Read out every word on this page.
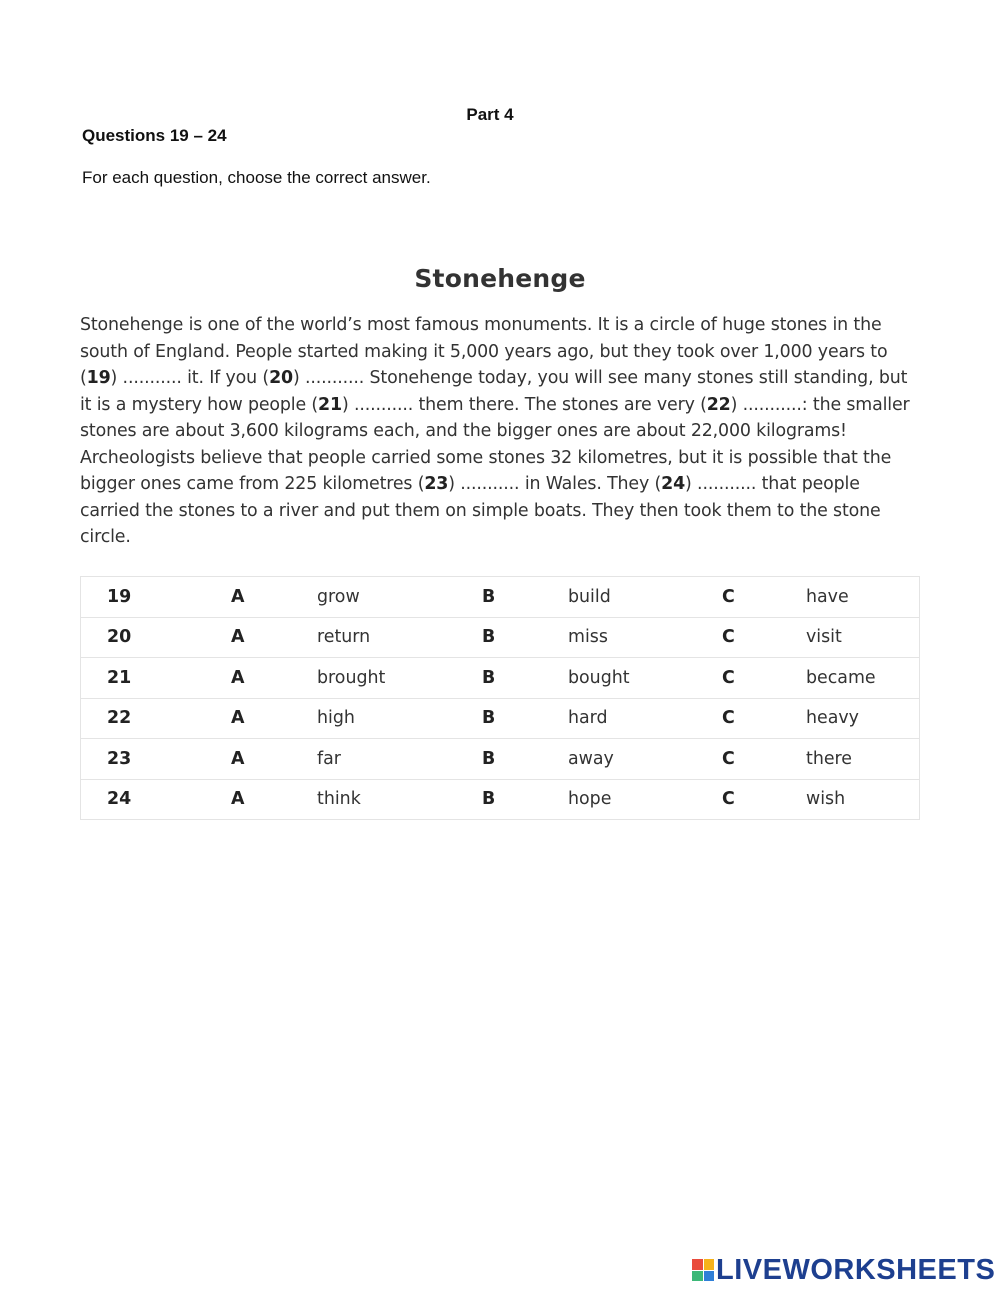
Part 4
Questions 19 – 24
For each question, choose the correct answer.
Stonehenge
Stonehenge is one of the world’s most famous monuments. It is a circle of huge stones in the
south of England. People started making it 5,000 years ago, but they took over 1,000 years to
(19) ........... it. If you (20) ........... Stonehenge today, you will see many stones still standing, but
it is a mystery how people (21) ........... them there. The stones are very (22) ...........: the smaller
stones are about 3,600 kilograms each, and the bigger ones are about 22,000 kilograms!
Archeologists believe that people carried some stones 32 kilometres, but it is possible that the
bigger ones came from 225 kilometres (23) ........... in Wales. They (24) ........... that people
carried the stones to a river and put them on simple boats. They then took them to the stone
circle.
19	A	grow	B	build	C	have
20	A	return	B	miss	C	visit
21	A	brought	B	bought	C	became
22	A	high	B	hard	C	heavy
23	A	far	B	away	C	there
24	A	think	B	hope	C	wish
LIVEWORKSHEETS
